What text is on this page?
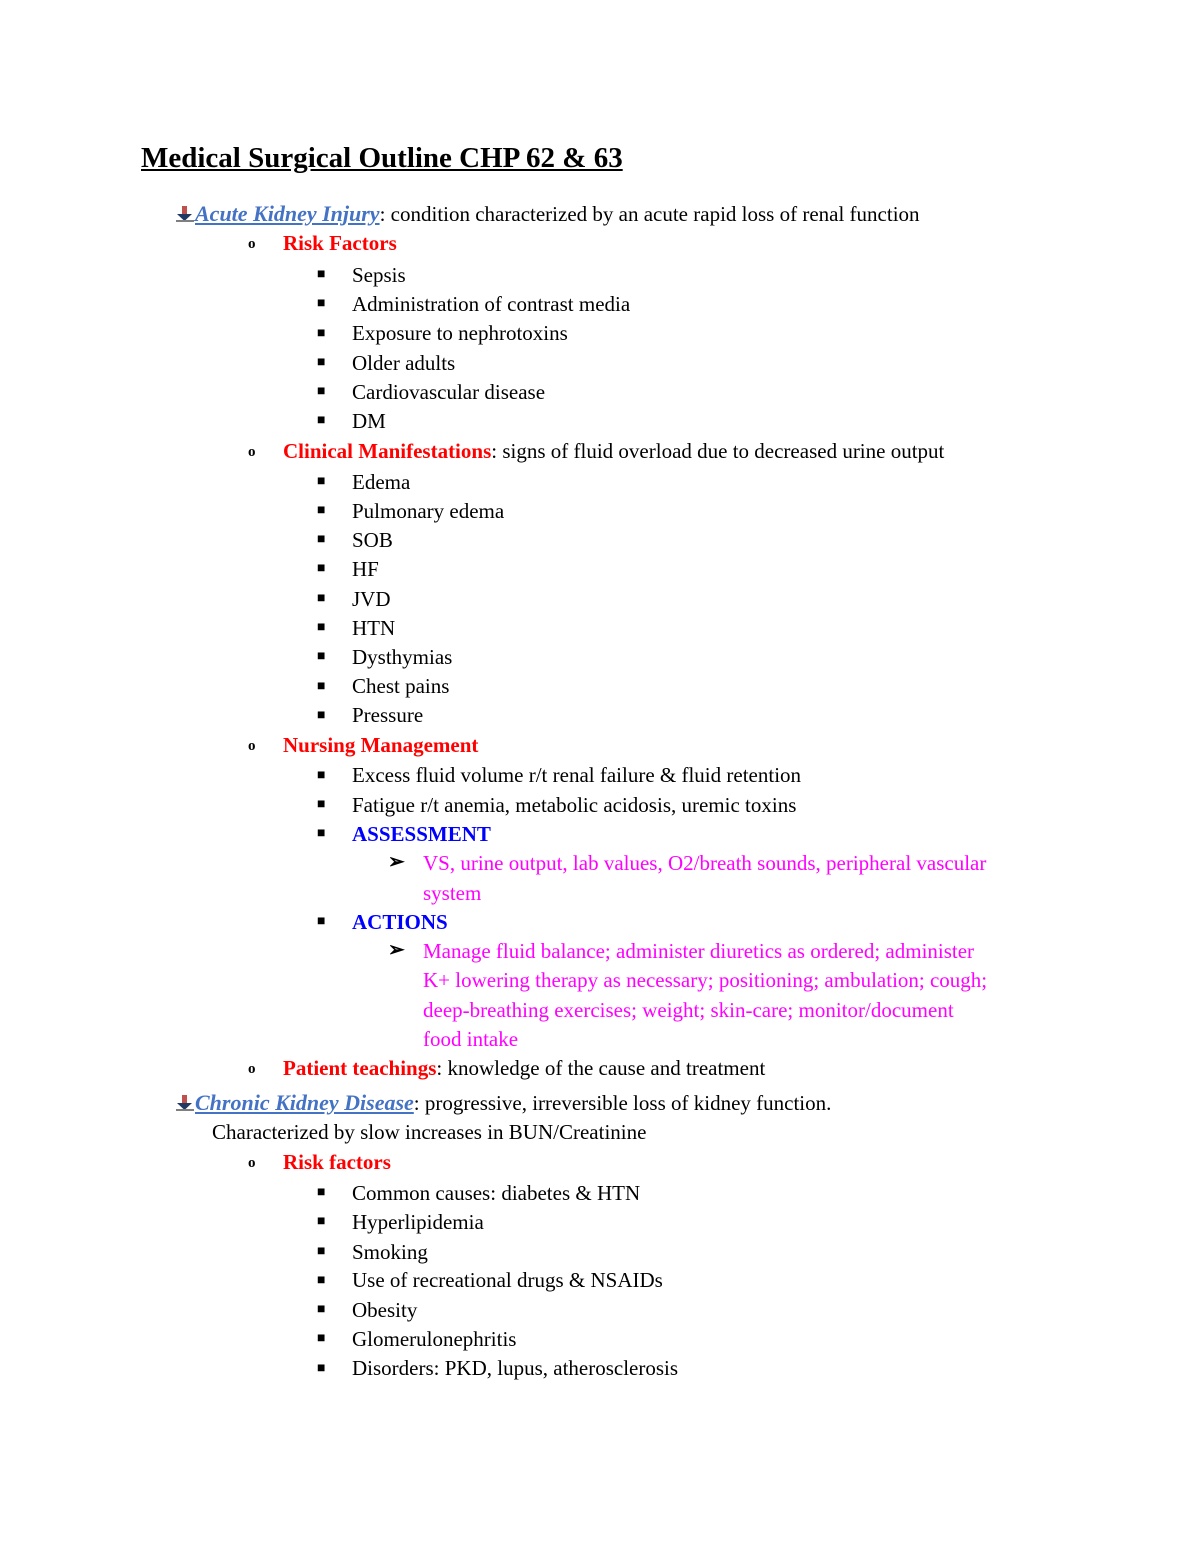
Medical Surgical Outline CHP 62 & 63
Acute Kidney Injury: condition characterized by an acute rapid loss of renal function
o Risk Factors
■ Sepsis
■ Administration of contrast media
■ Exposure to nephrotoxins
■ Older adults
■ Cardiovascular disease
■ DM
o Clinical Manifestations: signs of fluid overload due to decreased urine output
■ Edema
■ Pulmonary edema
■ SOB
■ HF
■ JVD
■ HTN
■ Dysthymias
■ Chest pains
■ Pressure
o Nursing Management
■ Excess fluid volume r/t renal failure & fluid retention
■ Fatigue r/t anemia, metabolic acidosis, uremic toxins
■ ASSESSMENT
➢ VS, urine output, lab values, O2/breath sounds, peripheral vascular
system
■ ACTIONS
➢ Manage fluid balance; administer diuretics as ordered; administer
K+ lowering therapy as necessary; positioning; ambulation; cough;
deep-breathing exercises; weight; skin-care; monitor/document
food intake
o Patient teachings: knowledge of the cause and treatment
Chronic Kidney Disease: progressive, irreversible loss of kidney function.
Characterized by slow increases in BUN/Creatinine
o Risk factors
■ Common causes: diabetes & HTN
■ Hyperlipidemia
■ Smoking
■ Use of recreational drugs & NSAIDs
■ Obesity
■ Glomerulonephritis
■ Disorders: PKD, lupus, atherosclerosis
